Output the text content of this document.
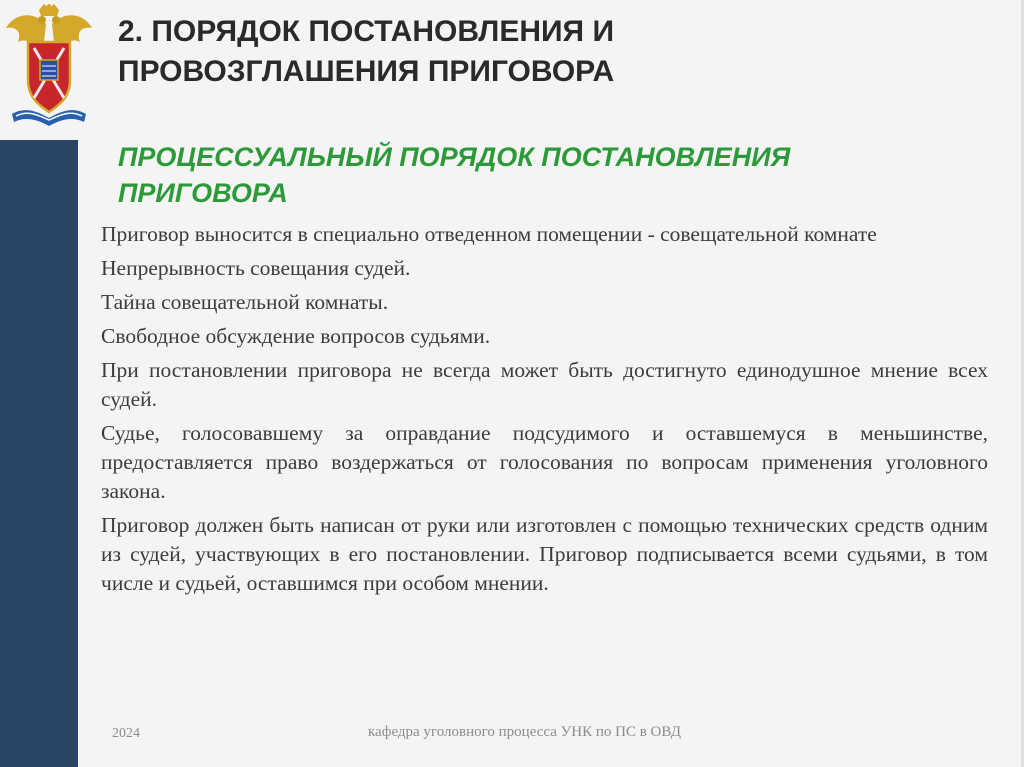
2. ПОРЯДОК ПОСТАНОВЛЕНИЯ И
ПРОВОЗГЛАШЕНИЯ ПРИГОВОРА
ПРОЦЕССУАЛЬНЫЙ ПОРЯДОК ПОСТАНОВЛЕНИЯ
ПРИГОВОРА

Приговор выносится в специально отведенном помещении - совещательной комнате

Непрерывность совещания судей.

Тайна совещательной комнаты.

Свободное обсуждение вопросов судьями.

При постановлении приговора не всегда может быть достигнуто единодушное мнение всех судей.

Судье, голосовавшему за оправдание подсудимого и оставшемуся в меньшинстве, предоставляется право воздержаться от голосования по вопросам применения уголовного закона.

Приговор должен быть написан от руки или изготовлен с помощью технических средств одним из судей, участвующих в его постановлении. Приговор подписывается всеми судьями, в том числе и судьей, оставшимся при особом мнении.

2024	кафедра уголовного процесса УНК по ПС в ОВД
